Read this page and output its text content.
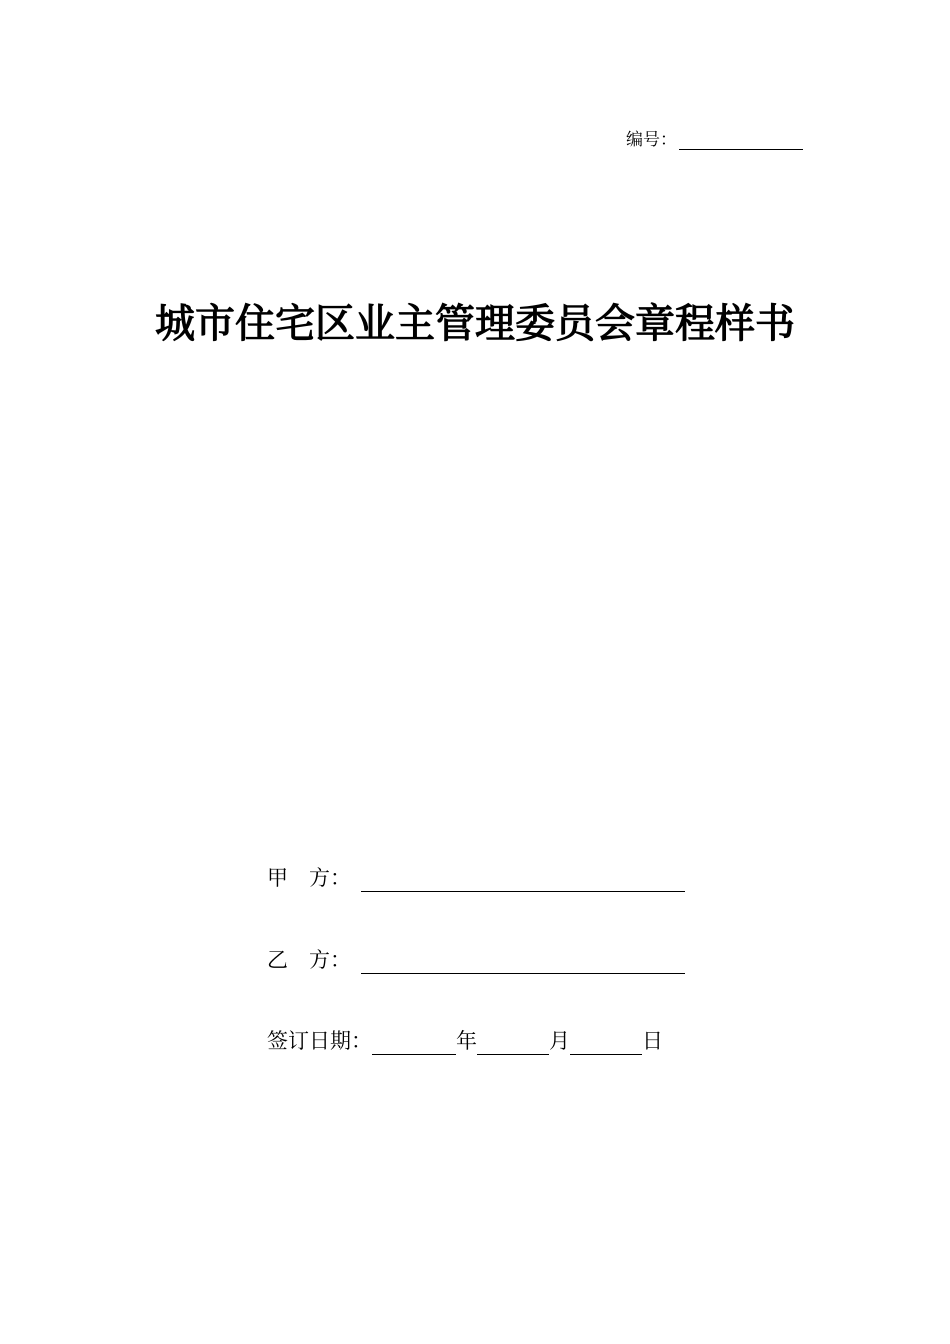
编号：
城市住宅区业主管理委员会章程样书
甲　方：
乙　方：
签订日期：	年	月	日
